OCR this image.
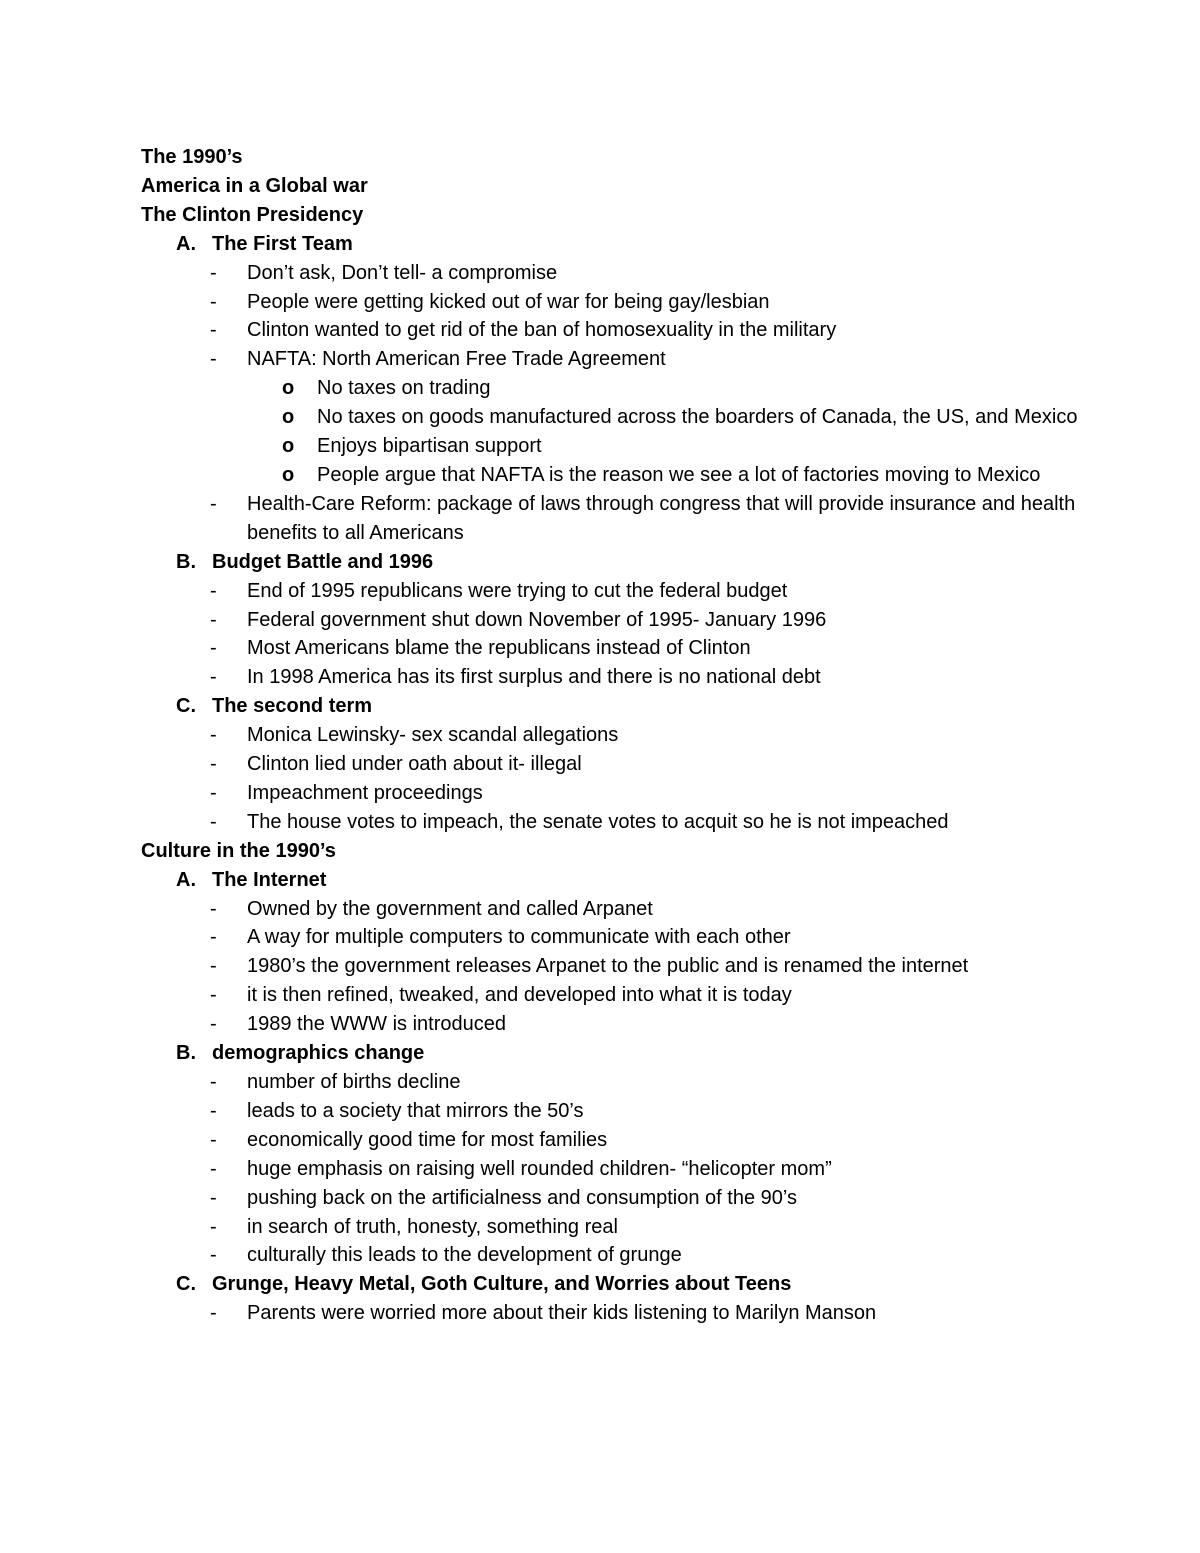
The 1990’s
America in a Global war
The Clinton Presidency
A. The First Team
- Don’t ask, Don’t tell- a compromise
- People were getting kicked out of war for being gay/lesbian
- Clinton wanted to get rid of the ban of homosexuality in the military
- NAFTA: North American Free Trade Agreement
o No taxes on trading
o No taxes on goods manufactured across the boarders of Canada, the US, and Mexico
o Enjoys bipartisan support
o People argue that NAFTA is the reason we see a lot of factories moving to Mexico
- Health-Care Reform: package of laws through congress that will provide insurance and health benefits to all Americans
B. Budget Battle and 1996
- End of 1995 republicans were trying to cut the federal budget
- Federal government shut down November of 1995- January 1996
- Most Americans blame the republicans instead of Clinton
- In 1998 America has its first surplus and there is no national debt
C. The second term
- Monica Lewinsky- sex scandal allegations
- Clinton lied under oath about it- illegal
- Impeachment proceedings
- The house votes to impeach, the senate votes to acquit so he is not impeached
Culture in the 1990’s
A. The Internet
- Owned by the government and called Arpanet
- A way for multiple computers to communicate with each other
- 1980’s the government releases Arpanet to the public and is renamed the internet
- it is then refined, tweaked, and developed into what it is today
- 1989 the WWW is introduced
B. demographics change
- number of births decline
- leads to a society that mirrors the 50’s
- economically good time for most families
- huge emphasis on raising well rounded children- “helicopter mom”
- pushing back on the artificialness and consumption of the 90’s
- in search of truth, honesty, something real
- culturally this leads to the development of grunge
C. Grunge, Heavy Metal, Goth Culture, and Worries about Teens
- Parents were worried more about their kids listening to Marilyn Manson
